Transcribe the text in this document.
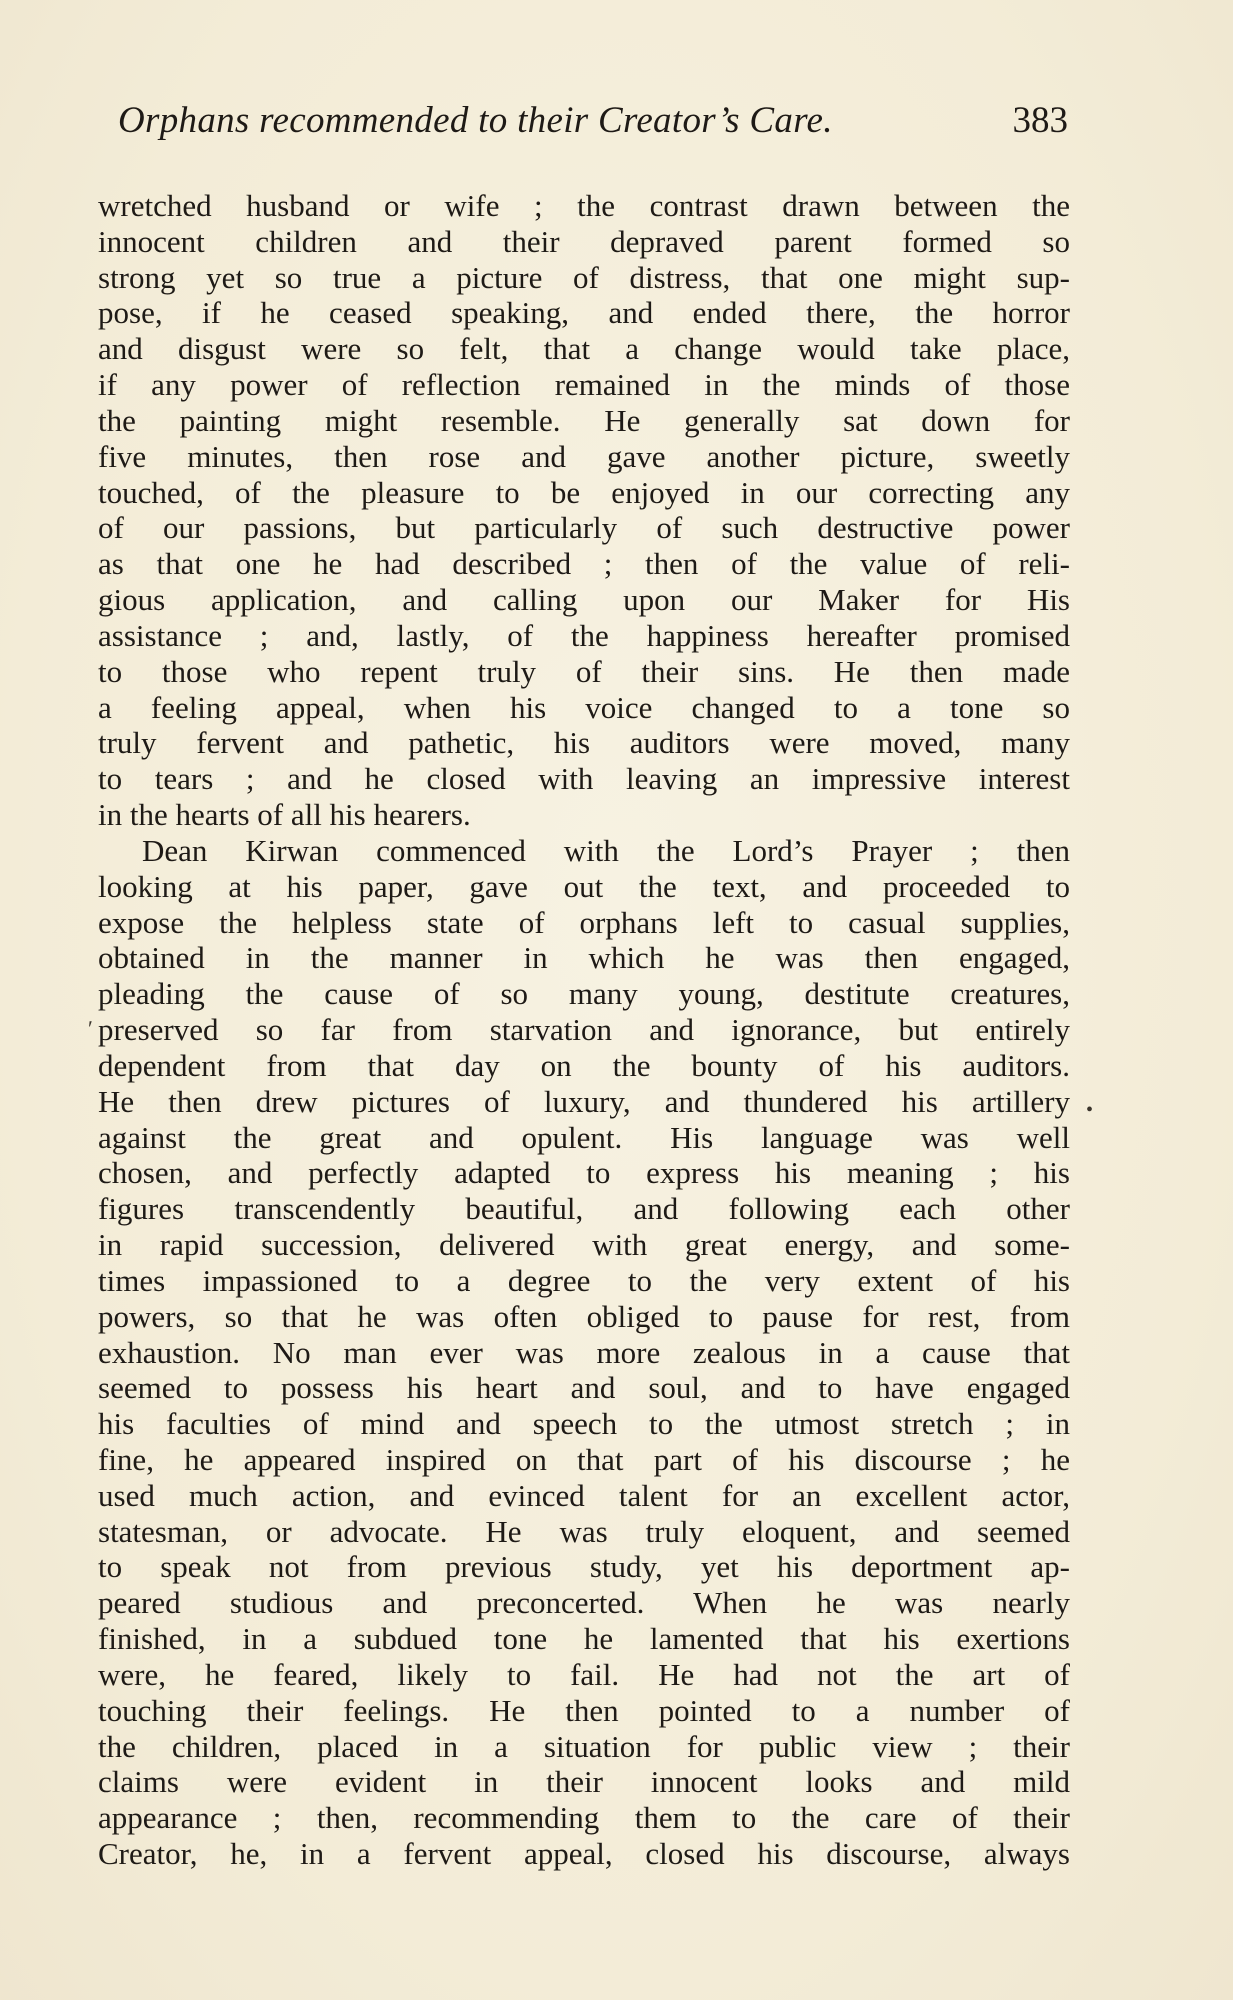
Orphans recommended to their Creator’s Care.	383
wretched husband or wife ; the contrast drawn between the
innocent children and their depraved parent formed so
strong yet so true a picture of distress, that one might sup-
pose, if he ceased speaking, and ended there, the horror
and disgust were so felt, that a change would take place,
if any power of reflection remained in the minds of those
the painting might resemble. He generally sat down for
five minutes, then rose and gave another picture, sweetly
touched, of the pleasure to be enjoyed in our correcting any
of our passions, but particularly of such destructive power
as that one he had described ; then of the value of reli-
gious application, and calling upon our Maker for His
assistance ; and, lastly, of the happiness hereafter promised
to those who repent truly of their sins. He then made
a feeling appeal, when his voice changed to a tone so
truly fervent and pathetic, his auditors were moved, many
to tears ; and he closed with leaving an impressive interest
in the hearts of all his hearers.
Dean Kirwan commenced with the Lord’s Prayer ; then
looking at his paper, gave out the text, and proceeded to
expose the helpless state of orphans left to casual supplies,
obtained in the manner in which he was then engaged,
pleading the cause of so many young, destitute creatures,
preserved so far from starvation and ignorance, but entirely
dependent from that day on the bounty of his auditors.
He then drew pictures of luxury, and thundered his artillery
against the great and opulent. His language was well
chosen, and perfectly adapted to express his meaning ; his
figures transcendently beautiful, and following each other
in rapid succession, delivered with great energy, and some-
times impassioned to a degree to the very extent of his
powers, so that he was often obliged to pause for rest, from
exhaustion. No man ever was more zealous in a cause that
seemed to possess his heart and soul, and to have engaged
his faculties of mind and speech to the utmost stretch ; in
fine, he appeared inspired on that part of his discourse ; he
used much action, and evinced talent for an excellent actor,
statesman, or advocate. He was truly eloquent, and seemed
to speak not from previous study, yet his deportment ap-
peared studious and preconcerted. When he was nearly
finished, in a subdued tone he lamented that his exertions
were, he feared, likely to fail. He had not the art of
touching their feelings. He then pointed to a number of
the children, placed in a situation for public view ; their
claims were evident in their innocent looks and mild
appearance ; then, recommending them to the care of their
Creator, he, in a fervent appeal, closed his discourse, always
ʹ
•
